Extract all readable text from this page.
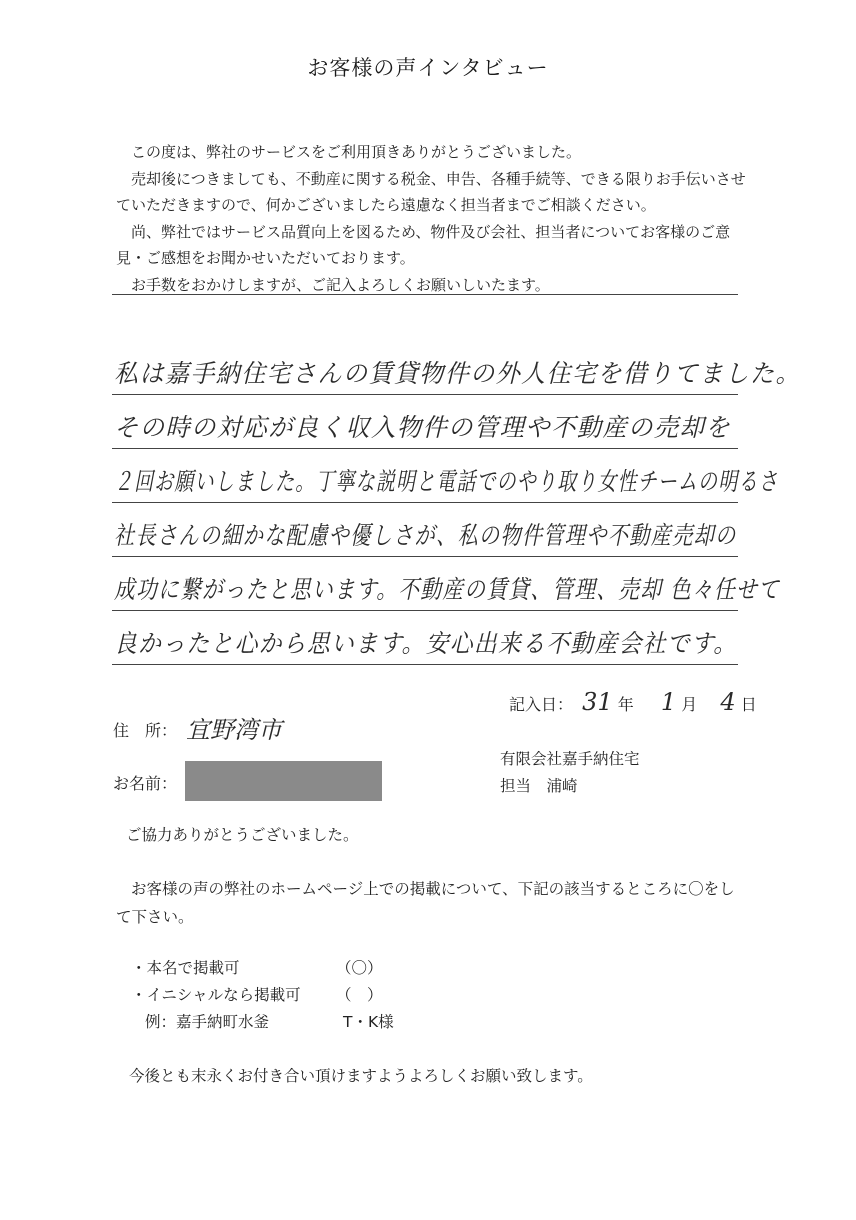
お客様の声インタビュー

この度は、弊社のサービスをご利用頂きありがとうございました。

売却後につきましても、不動産に関する税金、申告、各種手続等、できる限りお手伝いさせていただきますので、何かございましたら遠慮なく担当者までご相談ください。

尚、弊社ではサービス品質向上を図るため、物件及び会社、担当者についてお客様のご意見・ご感想をお聞かせいただいております。

お手数をおかけしますが、ご記入よろしくお願いしいたます。

私は嘉手納住宅さんの賃貸物件の外人住宅を借りてました。
その時の対応が良く収入物件の管理や不動産の売却を
２回お願いしました。丁寧な説明と電話でのやり取り女性チームの明るさ
社長さんの細かな配慮や優しさが、私の物件管理や不動産売却の
成功に繋がったと思います。不動産の賃貸、管理、売却 色々任せて
良かったと心から思います。安心出来る不動産会社です。
記入日： 31 年 1 月 4 日
住　所： 宜野湾市
有限会社嘉手納住宅
担当　浦崎
お名前：
ご協力ありがとうございました。
お客様の声の弊社のホームページ上での掲載について、下記の該当するところに〇をして下さい。
・本名で掲載可	（〇）
・イニシャルなら掲載可 （　）
例：嘉手納町水釜	T・K様
今後とも末永くお付き合い頂けますようよろしくお願い致します。
